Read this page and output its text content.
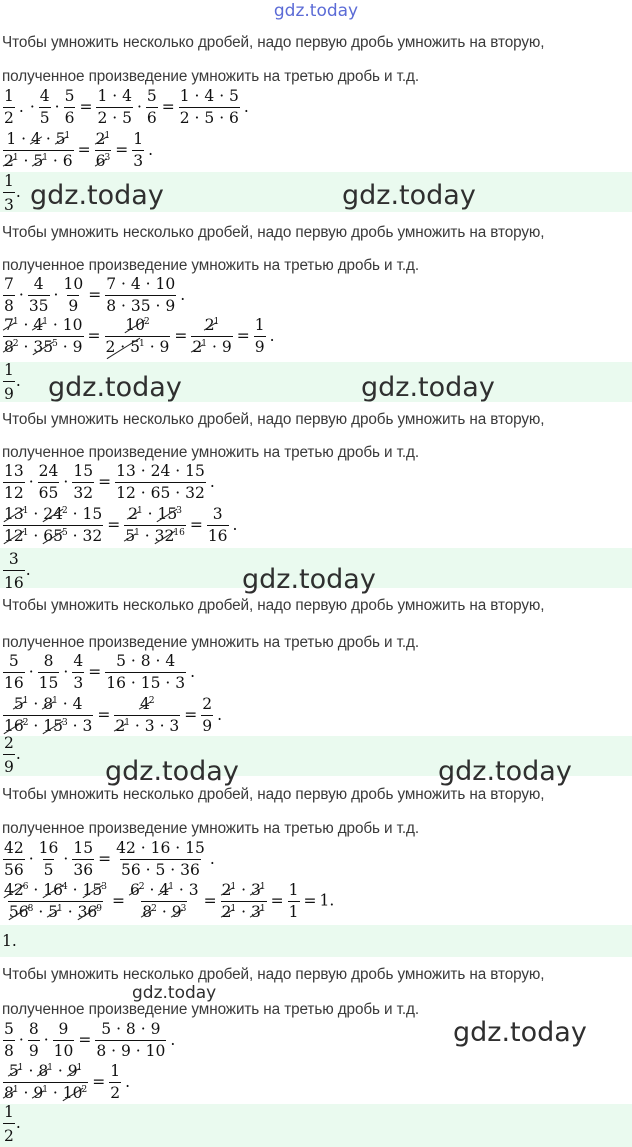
gdz.today
Чтобы умножить несколько дробей, надо первую дробь умножить на вторую,
полученное произведение умножить на третью дробь и т.д.
$\frac{1}{2}$ . · $\frac{4}{5} \cdot \frac{5}{6} = \frac{1 \cdot 4}{2 \cdot 5} \cdot \frac{5}{6} = \frac{1 \cdot 4 \cdot 5}{2 \cdot 5 \cdot 6}$ .
$\frac{1 \cdot 4 \cdot 5^1}{2^1 \cdot 5^1 \cdot 6} = \frac{2^1}{6^3} = \frac{1}{3}$ .
$\frac{1}{3}$ . gdz.today	gdz.today
Чтобы умножить несколько дробей, надо первую дробь умножить на вторую,
полученное произведение умножить на третью дробь и т.д.
$\frac{7}{8} \cdot \frac{4}{35} \cdot \frac{10}{9} = \frac{7 \cdot 4 \cdot 10}{8 \cdot 35 \cdot 9}$ .
$\frac{7^1 \cdot 4^1 \cdot 10}{8^2 \cdot 35^5 \cdot 9} = \frac{10^2}{2 \cdot 5^1 \cdot 9} = \frac{2^1}{2^1 \cdot 9} = \frac{1}{9}$ .
$\frac{1}{9}$ . gdz.today	gdz.today
Чтобы умножить несколько дробей, надо первую дробь умножить на вторую,
полученное произведение умножить на третью дробь и т.д.
$\frac{13}{12} \cdot \frac{24}{65} \cdot \frac{15}{32} = \frac{13 \cdot 24 \cdot 15}{12 \cdot 65 \cdot 32}$ .
$\frac{13^1 \cdot 24^2 \cdot 15}{12^1 \cdot 65^5 \cdot 32} = \frac{2^1 \cdot 15^3}{5^1 \cdot 32^{16}} = \frac{3}{16}$ .
$\frac{3}{16}$ .	gdz.today
Чтобы умножить несколько дробей, надо первую дробь умножить на вторую,
полученное произведение умножить на третью дробь и т.д.
$\frac{5}{16} \cdot \frac{8}{15} \cdot \frac{4}{3} = \frac{5 \cdot 8 \cdot 4}{16 \cdot 15 \cdot 3}$ .
$\frac{5^1 \cdot 8^1 \cdot 4}{16^2 \cdot 15^3 \cdot 3} = \frac{4^2}{2^1 \cdot 3 \cdot 3} = \frac{2}{9}$ .
$\frac{2}{9}$ .
gdz.today	gdz.today
Чтобы умножить несколько дробей, надо первую дробь умножить на вторую,
полученное произведение умножить на третью дробь и т.д.
$\frac{42}{56} \cdot \frac{16}{5} \cdot \frac{15}{36} = \frac{42 \cdot 16 \cdot 15}{56 \cdot 5 \cdot 36}$ .
$\frac{42^6 \cdot 16^4 \cdot 15^3}{56^8 \cdot 5^1 \cdot 36^9} = \frac{6^2 \cdot 4^1 \cdot 3}{8^2 \cdot 9^3} = \frac{2^1 \cdot 3^1}{2^1 \cdot 3^1} = \frac{1}{1} = 1$.
1.
Чтобы умножить несколько дробей, надо первую дробь умножить на вторую,
gdz.today
полученное произведение умножить на третью дробь и т.д.
gdz.today
$\frac{5}{8} \cdot \frac{8}{9} \cdot \frac{9}{10} = \frac{5 \cdot 8 \cdot 9}{8 \cdot 9 \cdot 10}$ .
$\frac{5^1 \cdot 8^1 \cdot 9^1}{8^1 \cdot 9^1 \cdot 10^2} = \frac{1}{2}$ .
$\frac{1}{2}$ .
